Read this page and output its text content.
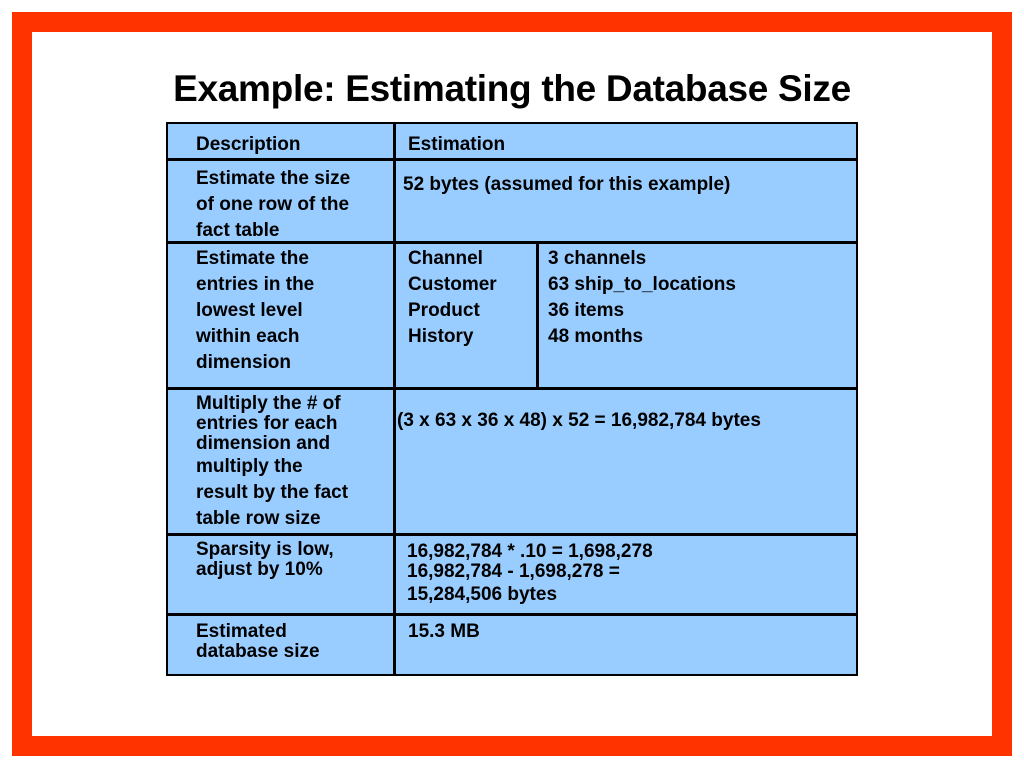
Example: Estimating the Database Size
Description	Estimation
Estimate the size
of one row of the
fact table
52 bytes (assumed for this example)
Estimate the
entries in the
lowest level
within each
dimension
Channel
Customer
Product
History
3 channels
63 ship_to_locations
36 items
48 months
Multiply the # of
entries for each
dimension and
multiply the
result by the fact
table row size
(3 x 63 x 36 x 48) x 52 = 16,982,784 bytes
Sparsity is low,
adjust by 10%
16,982,784 * .10 = 1,698,278
16,982,784 - 1,698,278 =
15,284,506 bytes
Estimated
database size
15.3 MB
